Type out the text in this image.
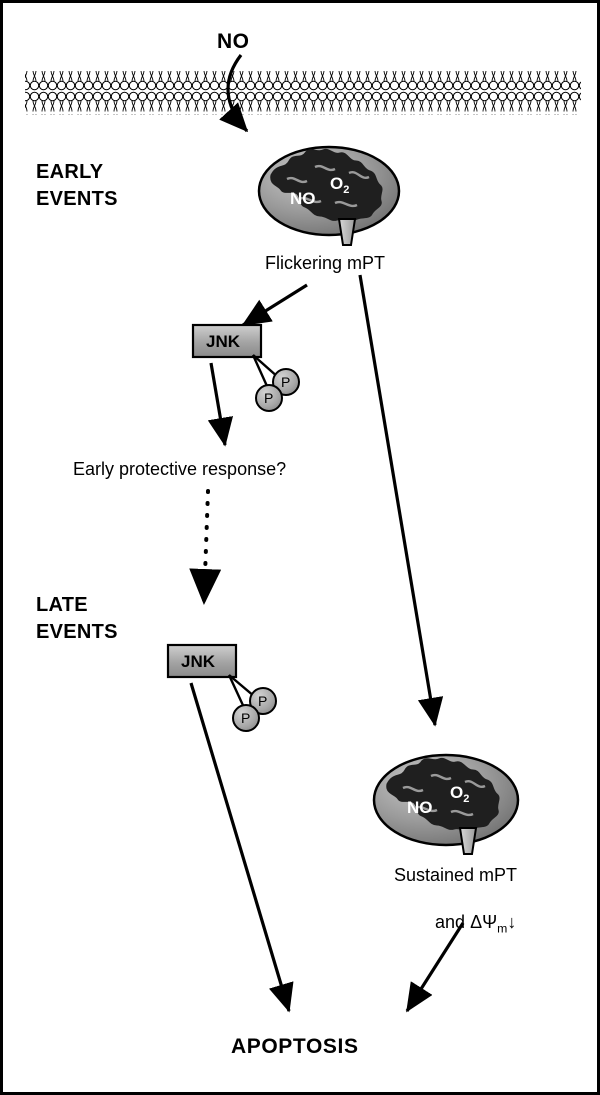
NO
$O_2$
P
P
P
P
NO
$O_2$
NO
EARLY
EVENTS
Flickering mPT
JNK
Early protective response?
LATE
EVENTS
JNK
Sustained mPT

and $\Delta\Psi_m↓$

APOPTOSIS
